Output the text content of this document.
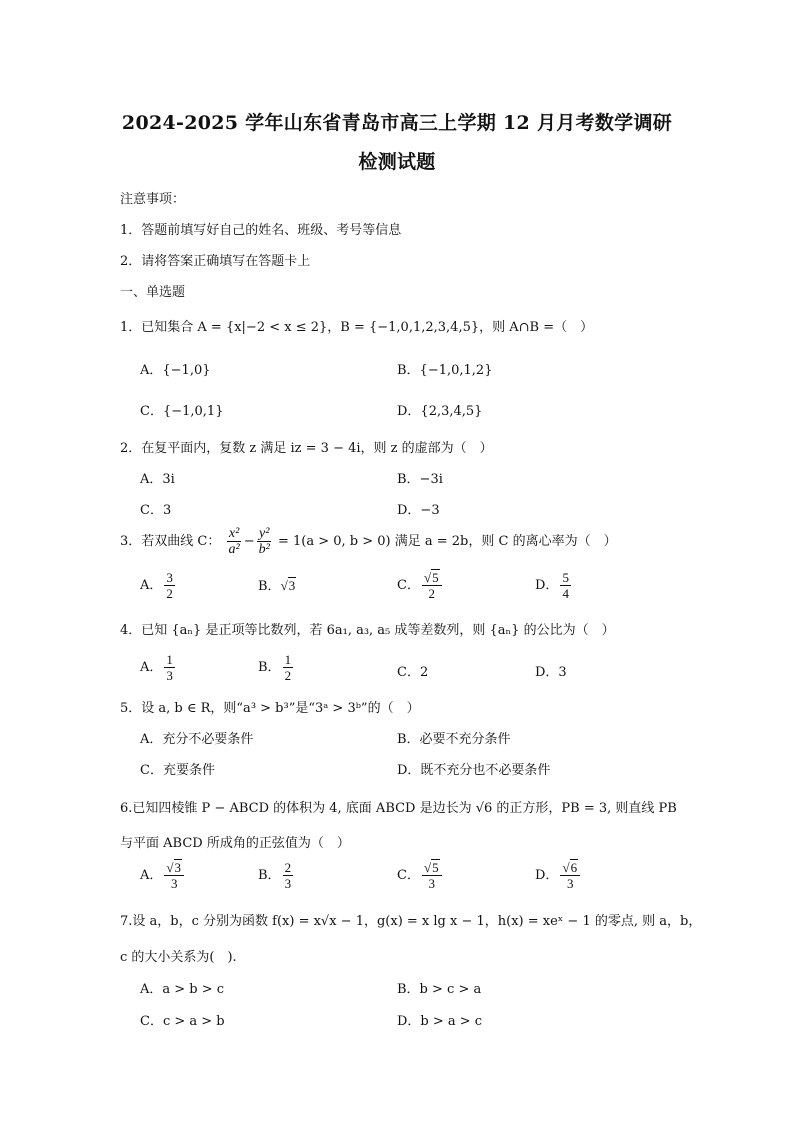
2024-2025 学年山东省青岛市高三上学期 12 月月考数学调研
检测试题
注意事项：
1．答题前填写好自己的姓名、班级、考号等信息
2．请将答案正确填写在答题卡上
一、单选题
1．已知集合 A = {x|−2 < x ≤ 2}，B = {−1,0,1,2,3,4,5}，则 A∩B =（　）
A．{−1,0}	B．{−1,0,1,2}
C．{−1,0,1}	D．{2,3,4,5}
2．在复平面内，复数 z 满足 iz = 3 − 4i，则 z 的虚部为（　）
A．3i	B．−3i
C．3	D．−3
3．若双曲线 C： $\frac{\text{x²}}{\text{a²}} - \frac{\text{y²}}{\text{b²}} = 1(a > 0$, b > 0) 满足 a = 2b，则 C 的离心率为（　）
A． $\frac{3}{2}$	B．√3	C． $\frac{√5}{2}$	D． $\frac{5}{4}$
4．已知 {aₙ} 是正项等比数列，若 6a₁, a₃, a₅ 成等差数列，则 {aₙ} 的公比为（　）
A． $\frac{1}{3}$	B． $\frac{1}{2}$	C．2	D．3
5．设 a, b ∈ R，则“a³ > b³”是“3ᵃ > 3ᵇ”的（　）
A．充分不必要条件	B．必要不充分条件
C．充要条件	D．既不充分也不必要条件
6.已知四棱锥 P − ABCD 的体积为 4, 底面 ABCD 是边长为 √6 的正方形，PB = 3, 则直线 PB
与平面 ABCD 所成角的正弦值为（　）
A． $\frac{√3}{3}$	B． $\frac{2}{3}$	C． $\frac{√5}{3}$	D． $\frac{√6}{3}$
7.设 a，b，c 分别为函数 f(x) = x√x − 1，g(x) = x lg x − 1，h(x) = xeˣ − 1 的零点, 则 a，b，
c 的大小关系为(　).
A．a > b > c	B．b > c > a
C．c > a > b	D．b > a > c
